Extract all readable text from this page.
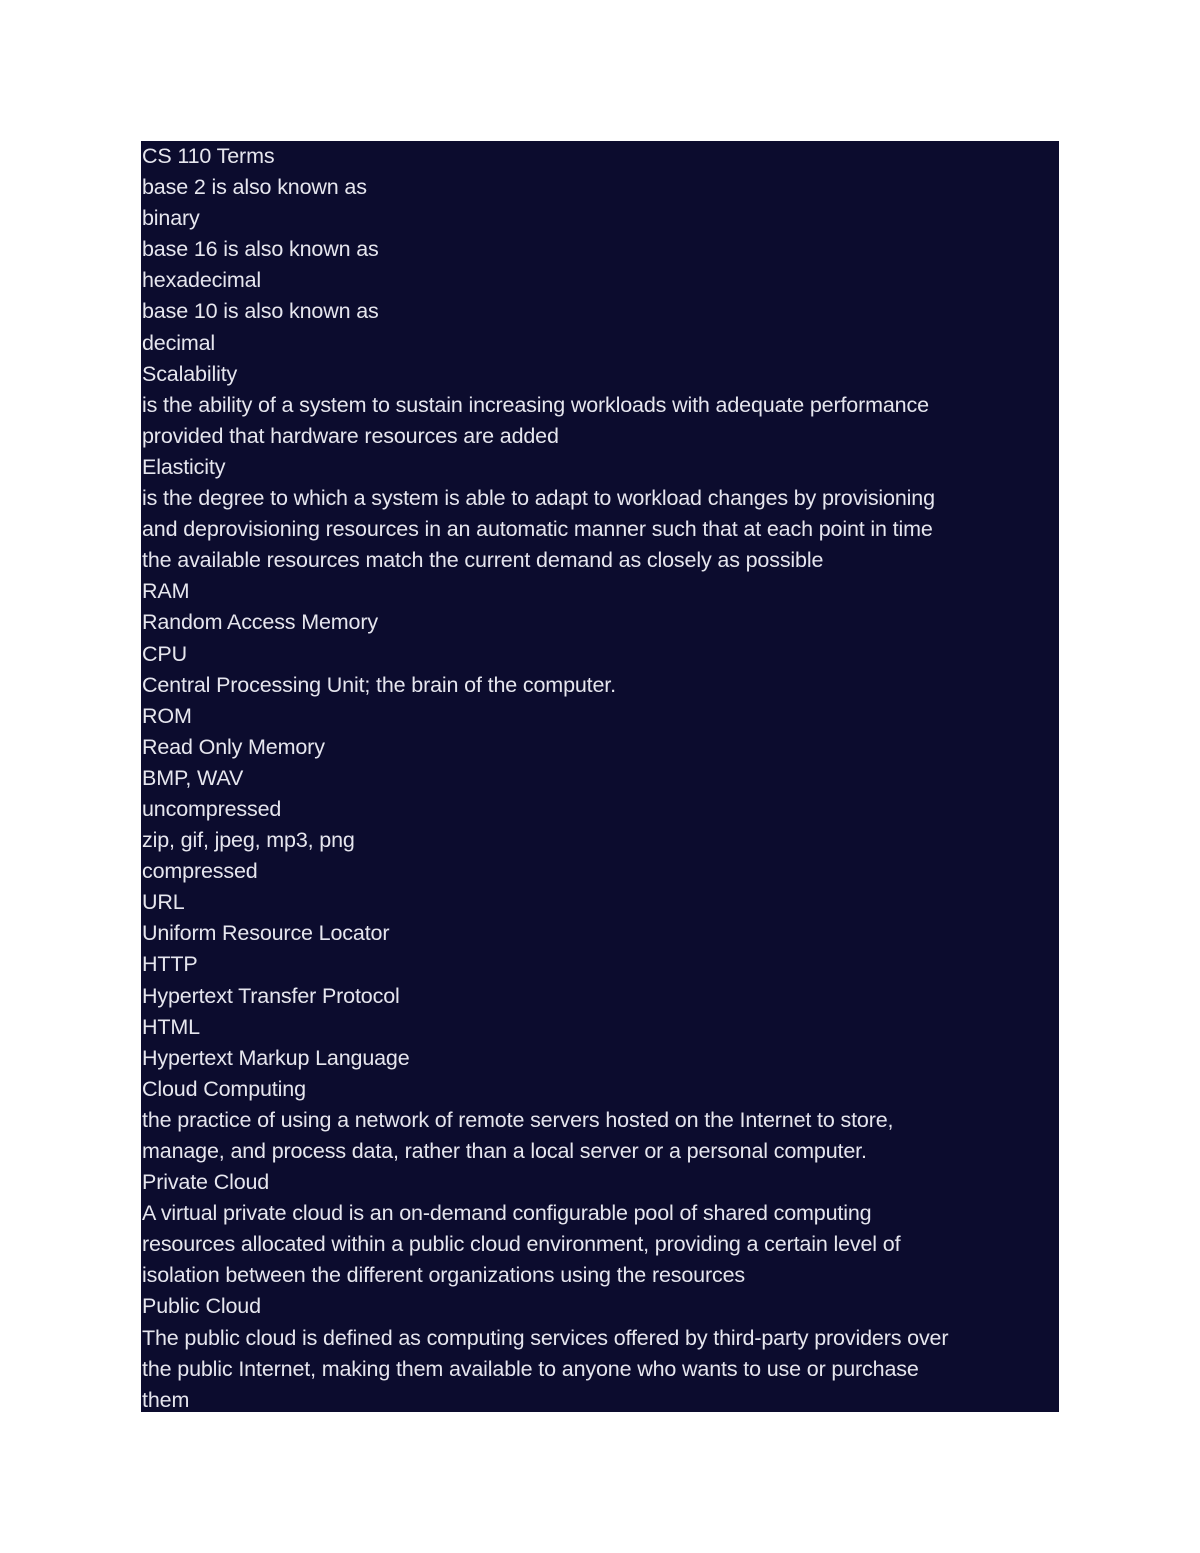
CS 110 Terms
base 2 is also known as
binary
base 16 is also known as
hexadecimal
base 10 is also known as
decimal
Scalability
is the ability of a system to sustain increasing workloads with adequate performance
provided that hardware resources are added
Elasticity
is the degree to which a system is able to adapt to workload changes by provisioning
and deprovisioning resources in an automatic manner such that at each point in time
the available resources match the current demand as closely as possible
RAM
Random Access Memory
CPU
Central Processing Unit; the brain of the computer.
ROM
Read Only Memory
BMP, WAV
uncompressed
zip, gif, jpeg, mp3, png
compressed
URL
Uniform Resource Locator
HTTP
Hypertext Transfer Protocol
HTML
Hypertext Markup Language
Cloud Computing
the practice of using a network of remote servers hosted on the Internet to store,
manage, and process data, rather than a local server or a personal computer.
Private Cloud
A virtual private cloud is an on-demand configurable pool of shared computing
resources allocated within a public cloud environment, providing a certain level of
isolation between the different organizations using the resources
Public Cloud
The public cloud is defined as computing services offered by third-party providers over
the public Internet, making them available to anyone who wants to use or purchase
them
